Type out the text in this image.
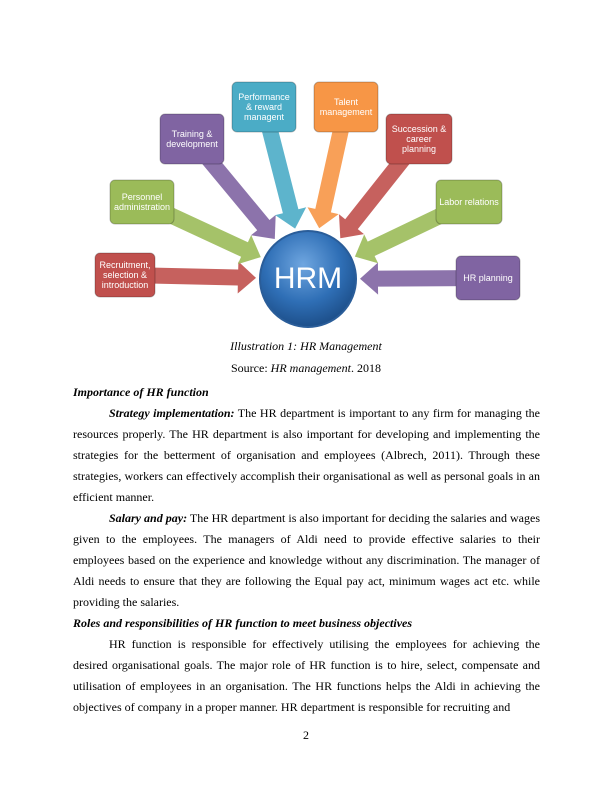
Recruitment, selection & introduction
Personnel administration
Training & development
Performance & reward managent
Talent management
Succession & career planning
Labor relations
HR planning
HRM
Illustration 1: HR Management
Source: HR management. 2018

Importance of HR function

Strategy implementation: The HR department is important to any firm for managing the resources properly. The HR department is also important for developing and implementing the strategies for the betterment of organisation and employees (Albrech, 2011). Through these strategies, workers can effectively accomplish their organisational as well as personal goals in an efficient manner.

Salary and pay: The HR department is also important for deciding the salaries and wages given to the employees. The managers of Aldi need to provide effective salaries to their employees based on the experience and knowledge without any discrimination. The manager of Aldi needs to ensure that they are following the Equal pay act, minimum wages act etc. while providing the salaries.

Roles and responsibilities of HR function to meet business objectives

HR function is responsible for effectively utilising the employees for achieving the desired organisational goals. The major role of HR function is to hire, select, compensate and utilisation of employees in an organisation. The HR functions helps the Aldi in achieving the objectives of company in a proper manner. HR department is responsible for recruiting and

2
